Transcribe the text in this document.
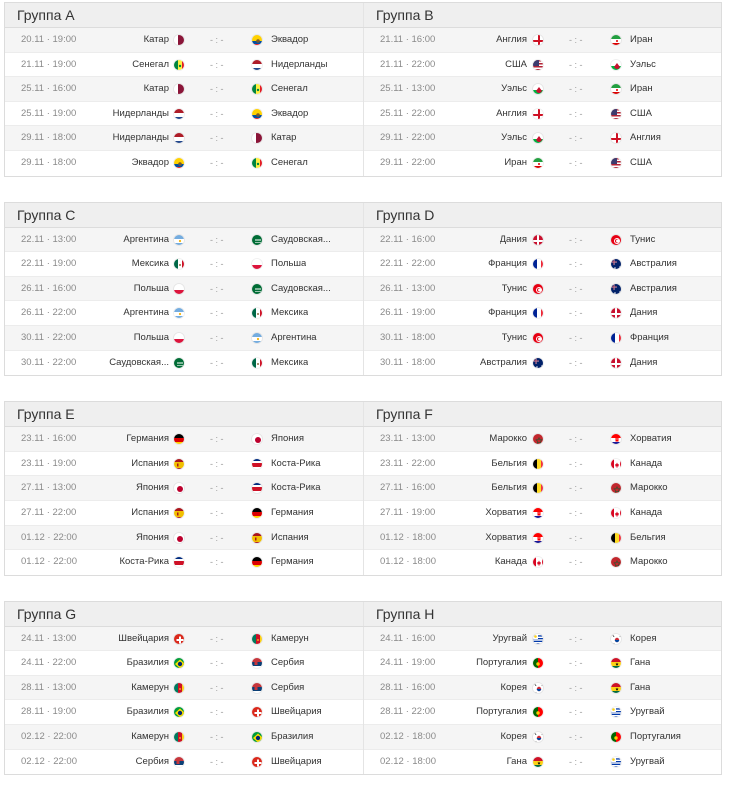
Группа A	Группа B
20.11 · 19:00	Катар	- : -	Эквадор
21.11 · 19:00	Сенегал	- : -	Нидерланды
25.11 · 16:00	Катар	- : -	Сенегал
25.11 · 19:00	Нидерланды	- : -	Эквадор
29.11 · 18:00	Нидерланды	- : -	Катар
29.11 · 18:00	Эквадор	- : -	Сенегал
21.11 · 16:00	Англия	- : -	Иран
21.11 · 22:00	США	- : -	Уэльс
25.11 · 13:00	Уэльс	- : -	Иран
25.11 · 22:00	Англия	- : -	США
29.11 · 22:00	Уэльс	- : -	Англия
29.11 · 22:00	Иран	- : -	США
Группа C	Группа D
22.11 · 13:00	Аргентина	- : -	Саудовская...
22.11 · 19:00	Мексика	- : -	Польша
26.11 · 16:00	Польша	- : -	Саудовская...
26.11 · 22:00	Аргентина	- : -	Мексика
30.11 · 22:00	Польша	- : -	Аргентина
30.11 · 22:00	Саудовская...	- : -	Мексика
22.11 · 16:00	Дания	- : -	Тунис
22.11 · 22:00	Франция	- : -	Австралия
26.11 · 13:00	Тунис	- : -	Австралия
26.11 · 19:00	Франция	- : -	Дания
30.11 · 18:00	Тунис	- : -	Франция
30.11 · 18:00	Австралия	- : -	Дания
Группа E	Группа F
23.11 · 16:00	Германия	- : -	Япония
23.11 · 19:00	Испания	- : -	Коста-Рика
27.11 · 13:00	Япония	- : -	Коста-Рика
27.11 · 22:00	Испания	- : -	Германия
01.12 · 22:00	Япония	- : -	Испания
01.12 · 22:00	Коста-Рика	- : -	Германия
23.11 · 13:00	Марокко	- : -	Хорватия
23.11 · 22:00	Бельгия	- : -	Канада
27.11 · 16:00	Бельгия	- : -	Марокко
27.11 · 19:00	Хорватия	- : -	Канада
01.12 · 18:00	Хорватия	- : -	Бельгия
01.12 · 18:00	Канада	- : -	Марокко
Группа G	Группа H
24.11 · 13:00	Швейцария	- : -	Камерун
24.11 · 22:00	Бразилия	- : -	Сербия
28.11 · 13:00	Камерун	- : -	Сербия
28.11 · 19:00	Бразилия	- : -	Швейцария
02.12 · 22:00	Камерун	- : -	Бразилия
02.12 · 22:00	Сербия	- : -	Швейцария
24.11 · 16:00	Уругвай	- : -	Корея
24.11 · 19:00	Португалия	- : -	Гана
28.11 · 16:00	Корея	- : -	Гана
28.11 · 22:00	Португалия	- : -	Уругвай
02.12 · 18:00	Корея	- : -	Португалия
02.12 · 18:00	Гана	- : -	Уругвай
